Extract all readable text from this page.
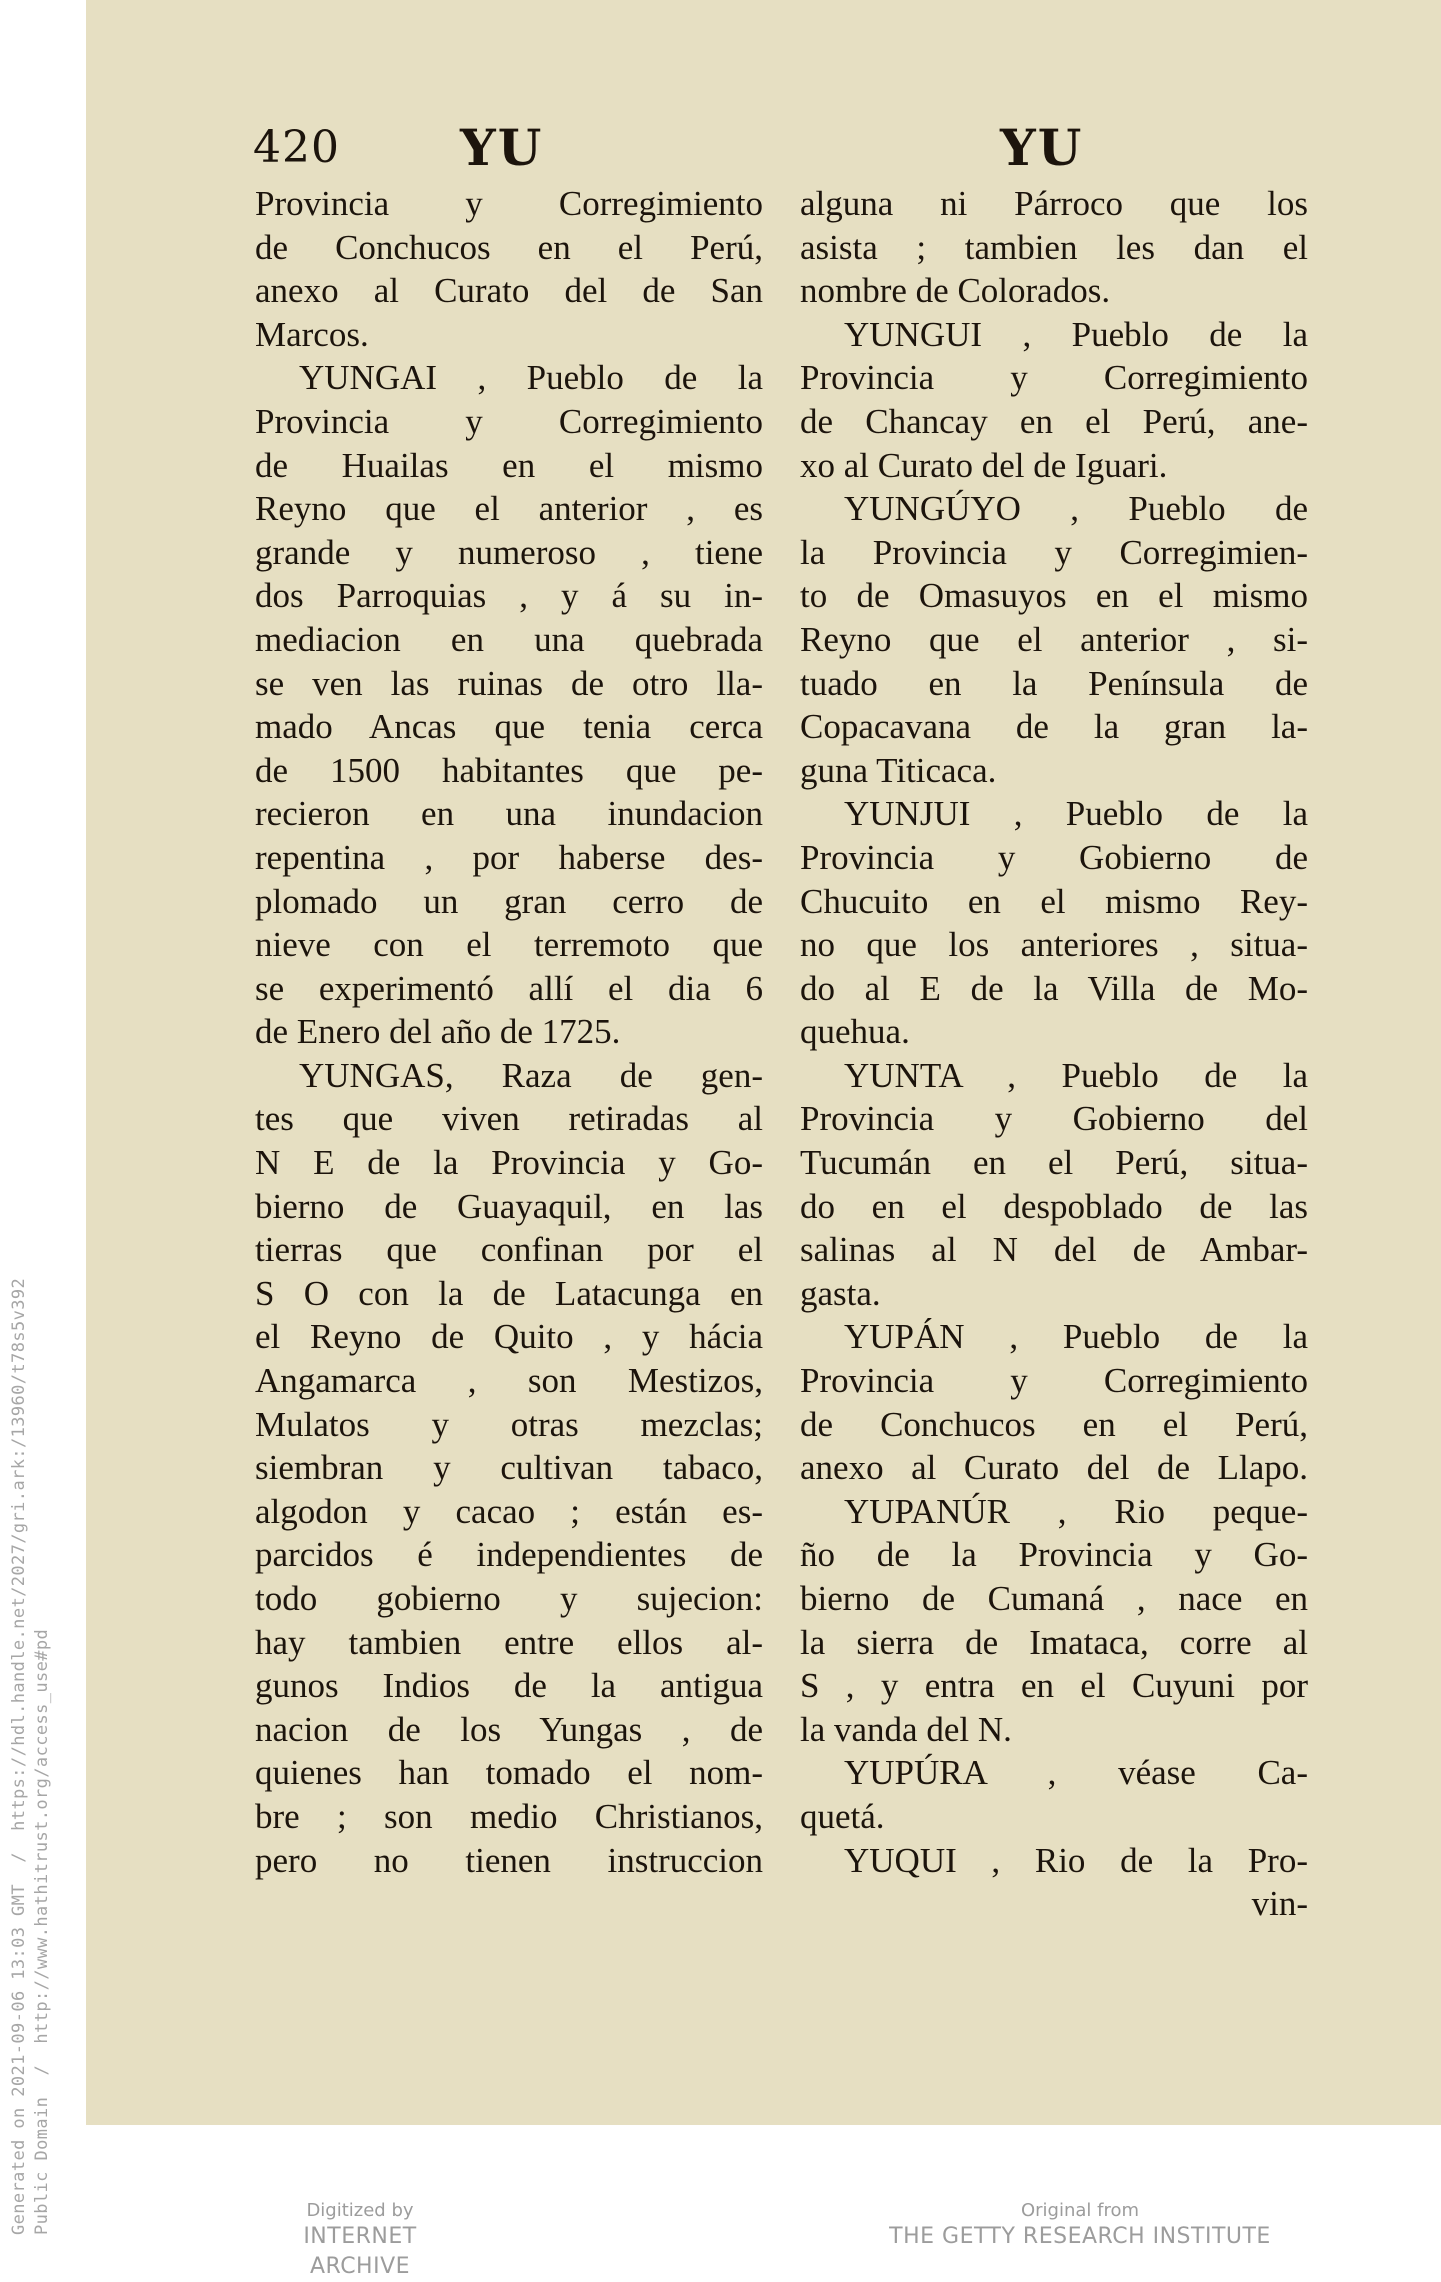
Generated on 2021-09-06 13:03 GMT  /  https://hdl.handle.net/2027/gri.ark:/13960/t78s5v392 Public Domain  /  http://www.hathitrust.org/access_use#pd
420 YU	YU
Provincia y Corregimiento
de Conchucos en el Perú,
anexo al Curato del de San
Marcos.
YUNGAI , Pueblo de la
Provincia y Corregimiento
de Huailas en el mismo
Reyno que el anterior , es
grande y numeroso , tiene
dos Parroquias , y á su in-
mediacion en una quebrada
se ven las ruinas de otro lla-
mado Ancas que tenia cerca
de 1500 habitantes que pe-
recieron en una inundacion
repentina , por haberse des-
plomado un gran cerro de
nieve con el terremoto que
se experimentó allí el dia 6
de Enero del año de 1725.
YUNGAS, Raza de gen-
tes que viven retiradas al
N E de la Provincia y Go-
bierno de Guayaquil, en las
tierras que confinan por el
S O con la de Latacunga en
el Reyno de Quito , y hácia
Angamarca , son Mestizos,
Mulatos y otras mezclas;
siembran y cultivan tabaco,
algodon y cacao ; están es-
parcidos é independientes de
todo gobierno y sujecion:
hay tambien entre ellos al-
gunos Indios de la antigua
nacion de los Yungas , de
quienes han tomado el nom-
bre ; son medio Christianos,
pero no tienen instruccion
alguna ni Párroco que los
asista ; tambien les dan el
nombre de Colorados.
YUNGUI , Pueblo de la
Provincia y Corregimiento
de Chancay en el Perú, ane-
xo al Curato del de Iguari.
YUNGÚYO , Pueblo de
la Provincia y Corregimien-
to de Omasuyos en el mismo
Reyno que el anterior , si-
tuado en la Península de
Copacavana de la gran la-
guna Titicaca.
YUNJUI , Pueblo de la
Provincia y Gobierno de
Chucuito en el mismo Rey-
no que los anteriores , situa-
do al E de la Villa de Mo-
quehua.
YUNTA , Pueblo de la
Provincia y Gobierno del
Tucumán en el Perú, situa-
do en el despoblado de las
salinas al N del de Ambar-
gasta.
YUPÁN , Pueblo de la
Provincia y Corregimiento
de Conchucos en el Perú,
anexo al Curato del de Llapo.
YUPANÚR , Rio peque-
ño de la Provincia y Go-
bierno de Cumaná , nace en
la sierra de Imataca, corre al
S , y entra en el Cuyuni por
la vanda del N.
YUPÚRA , véase Ca-
quetá.
YUQUI , Rio de la Pro-
vin-
Digitized by
INTERNET ARCHIVE
Original from
THE GETTY RESEARCH INSTITUTE
